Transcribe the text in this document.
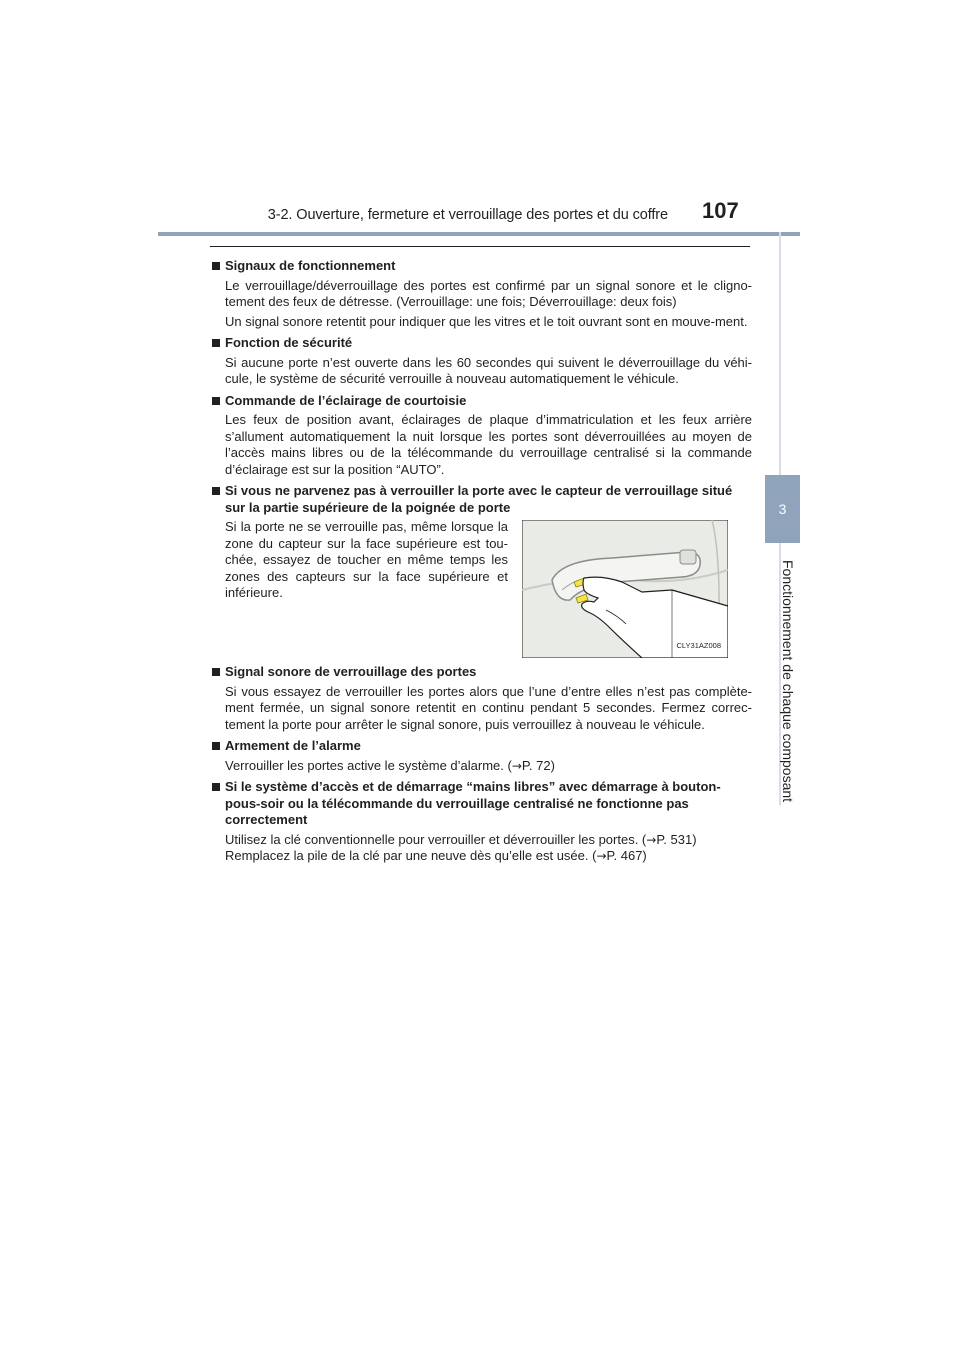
3-2. Ouverture, fermeture et verrouillage des portes et du coffre 107
3
Fonctionnement de chaque composant
Signaux de fonctionnement

Le verrouillage/déverrouillage des portes est confirmé par un signal sonore et le cligno-tement des feux de détresse. (Verrouillage: une fois; Déverrouillage: deux fois)

Un signal sonore retentit pour indiquer que les vitres et le toit ouvrant sont en mouve-ment.

Fonction de sécurité

Si aucune porte n’est ouverte dans les 60 secondes qui suivent le déverrouillage du véhi-cule, le système de sécurité verrouille à nouveau automatiquement le véhicule.

Commande de l’éclairage de courtoisie

Les feux de position avant, éclairages de plaque d’immatriculation et les feux arrière s’allument automatiquement la nuit lorsque les portes sont déverrouillées au moyen de l’accès mains libres ou de la télécommande du verrouillage centralisé si la commande d’éclairage est sur la position “AUTO”.

Si vous ne parvenez pas à verrouiller la porte avec le capteur de verrouillage situé sur la partie supérieure de la poignée de porte

Si la porte ne se verrouille pas, même lorsque la zone du capteur sur la face supérieure est tou-chée, essayez de toucher en même temps les zones des capteurs sur la face supérieure et inférieure.

CLY31AZ008
Signal sonore de verrouillage des portes

Si vous essayez de verrouiller les portes alors que l’une d’entre elles n’est pas complète-ment fermée, un signal sonore retentit en continu pendant 5 secondes. Fermez correc-tement la porte pour arrêter le signal sonore, puis verrouillez à nouveau le véhicule.

Armement de l’alarme

Verrouiller les portes active le système d’alarme. (→P. 72)

Si le système d’accès et de démarrage “mains libres” avec démarrage à bouton-pous-soir ou la télécommande du verrouillage centralisé ne fonctionne pas correctement

Utilisez la clé conventionnelle pour verrouiller et déverrouiller les portes. (→P. 531)

Remplacez la pile de la clé par une neuve dès qu’elle est usée. (→P. 467)
